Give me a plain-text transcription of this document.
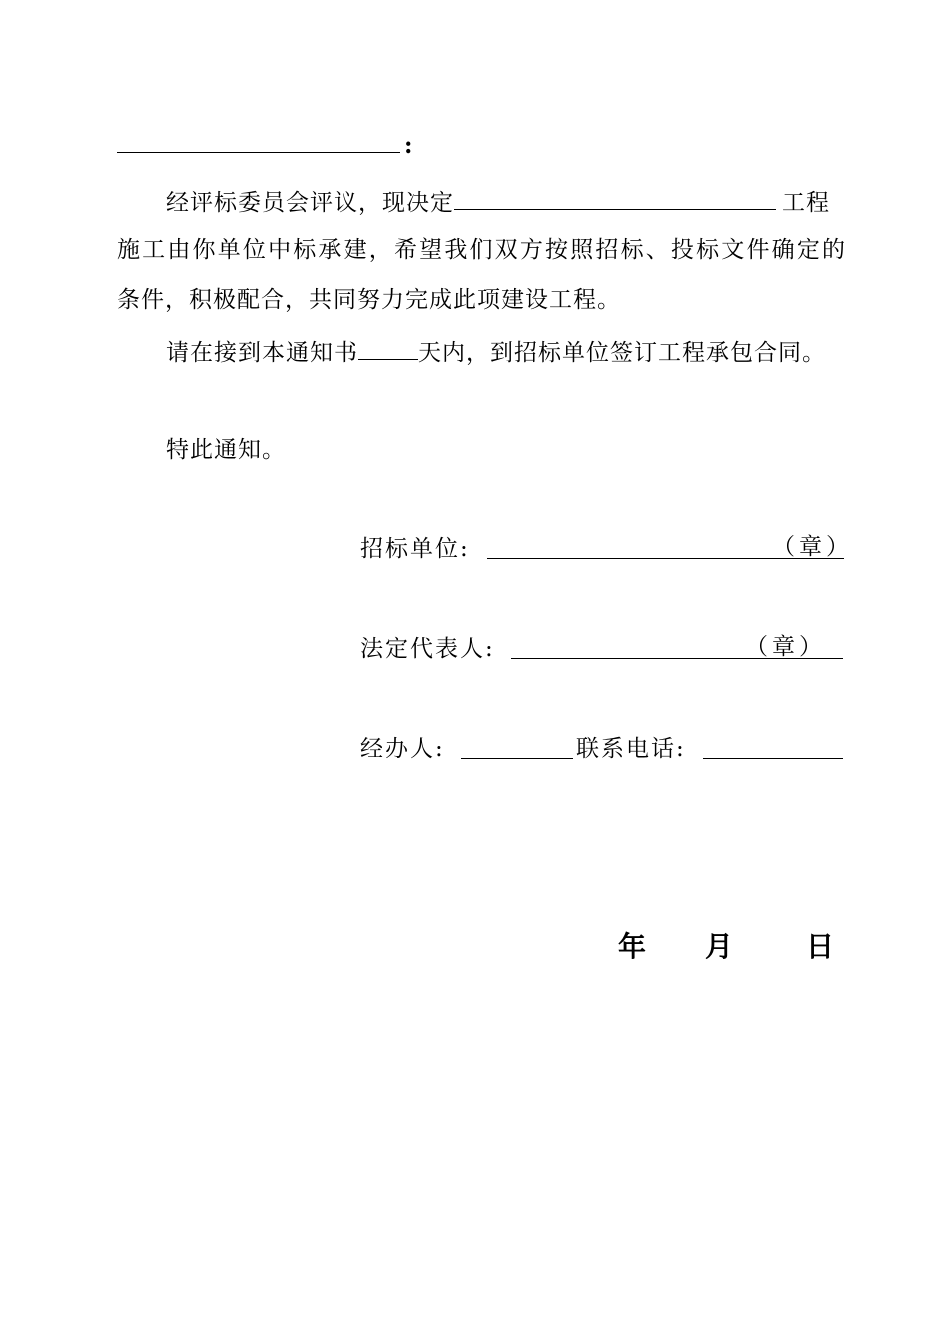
:
经评标委员会评议，现决定	工程
施工由你单位中标承建，希望我们双方按照招标、投标文件确定的
条件，积极配合，共同努力完成此项建设工程。
请在接到本通知书	天内，到招标单位签订工程承包合同。
特此通知。
招标单位:	（章）
法定代表人:	（章）
经办人:	联系电话:
年 月	日
